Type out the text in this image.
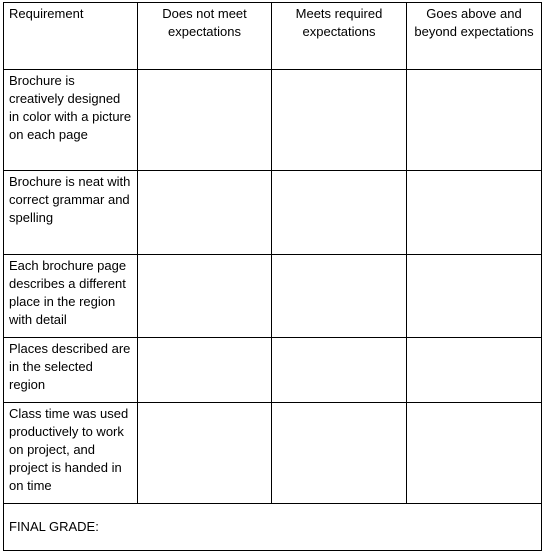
Requirement	Does not meet expectations	Meets required expectations	Goes above and beyond expectations
Brochure is creatively designed in color with a picture on each page			
Brochure is neat with correct grammar and spelling			
Each brochure page describes a different place in the region with detail			
Places described are in the selected region			
Class time was used productively to work on project, and project is handed in on time			
FINAL GRADE:			
